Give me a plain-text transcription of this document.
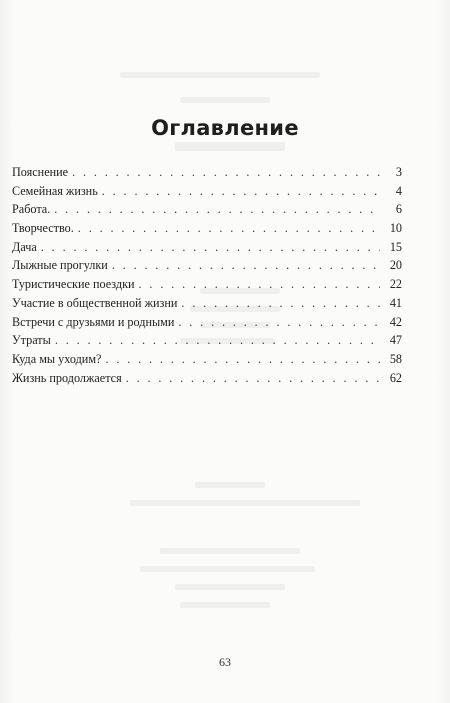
Оглавление
Пояснение . . .	3
Семейная жизнь . . .	4
Работа. . . .	6
Творчество. . . .	10
Дача . . .	15
Лыжные прогулки . . .	20
Туристические поездки . . .	22
Участие в общественной жизни . . .	41
Встречи с друзьями и родными . . .	42
Утраты . . .	47
Куда мы уходим? . . .	58
Жизнь продолжается . . .	62
63
